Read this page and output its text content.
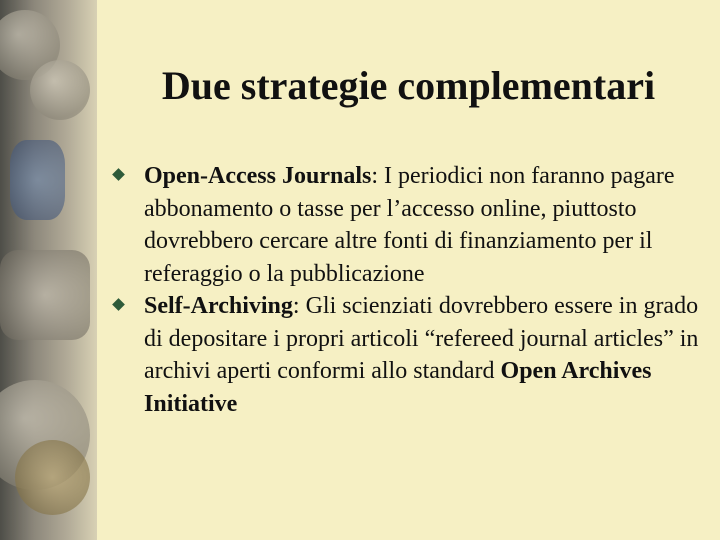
Due strategie complementari
Open-Access Journals: I periodici non faranno pagare abbonamento o tasse per l’accesso online, piuttosto dovrebbero cercare altre fonti di finanziamento per il referaggio o la pubblicazione
Self-Archiving: Gli scienziati dovrebbero essere in grado di depositare i propri articoli “refereed journal articles” in archivi aperti conformi allo standard Open Archives Initiative
